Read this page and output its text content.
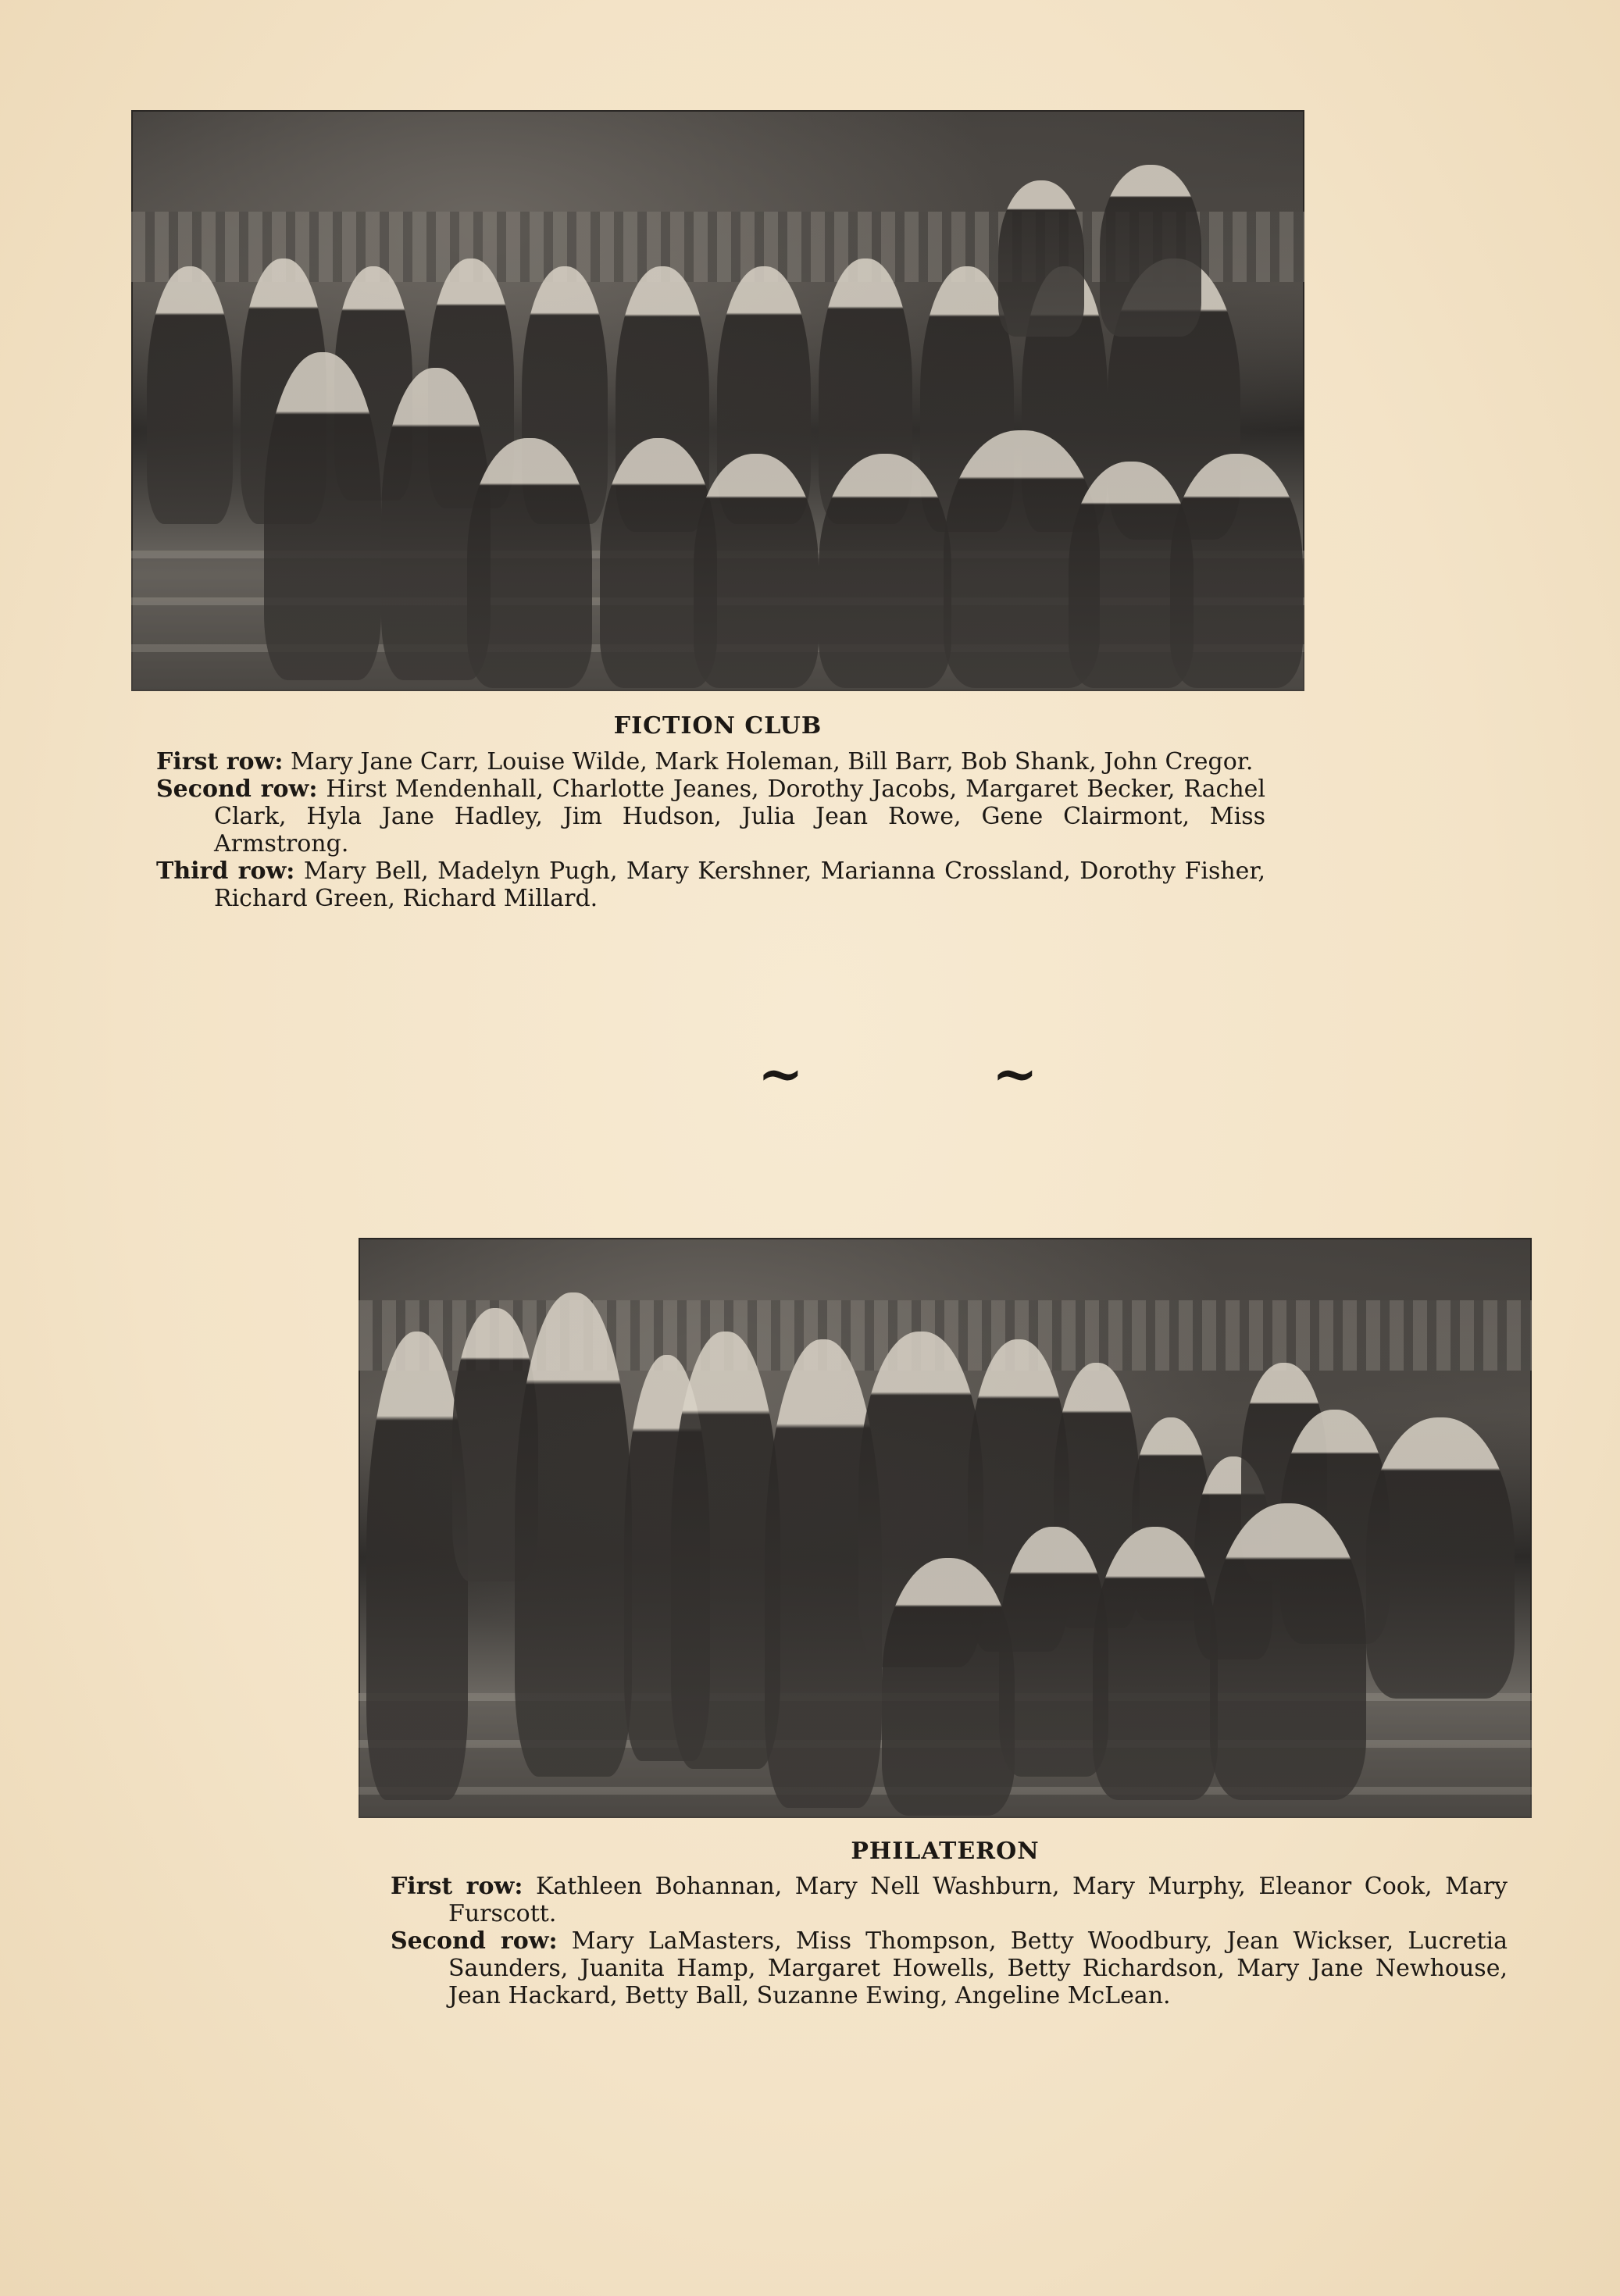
FICTION CLUB

First row: Mary Jane Carr, Louise Wilde, Mark Holeman, Bill Barr, Bob Shank, John Cregor.

Second row: Hirst Mendenhall, Charlotte Jeanes, Dorothy Jacobs, Margaret Becker, Rachel Clark, Hyla Jane Hadley, Jim Hudson, Julia Jean Rowe, Gene Clairmont, Miss Armstrong.

Third row: Mary Bell, Madelyn Pugh, Mary Kershner, Marianna Crossland, Dorothy Fisher, Richard Green, Richard Millard.

~	~
PHILATERON

First row: Kathleen Bohannan, Mary Nell Washburn, Mary Murphy, Eleanor Cook, Mary Furscott.

Second row: Mary LaMasters, Miss Thompson, Betty Woodbury, Jean Wickser, Lucretia Saunders, Juanita Hamp, Margaret Howells, Betty Richardson, Mary Jane Newhouse, Jean Hackard, Betty Ball, Suzanne Ewing, Angeline McLean.
